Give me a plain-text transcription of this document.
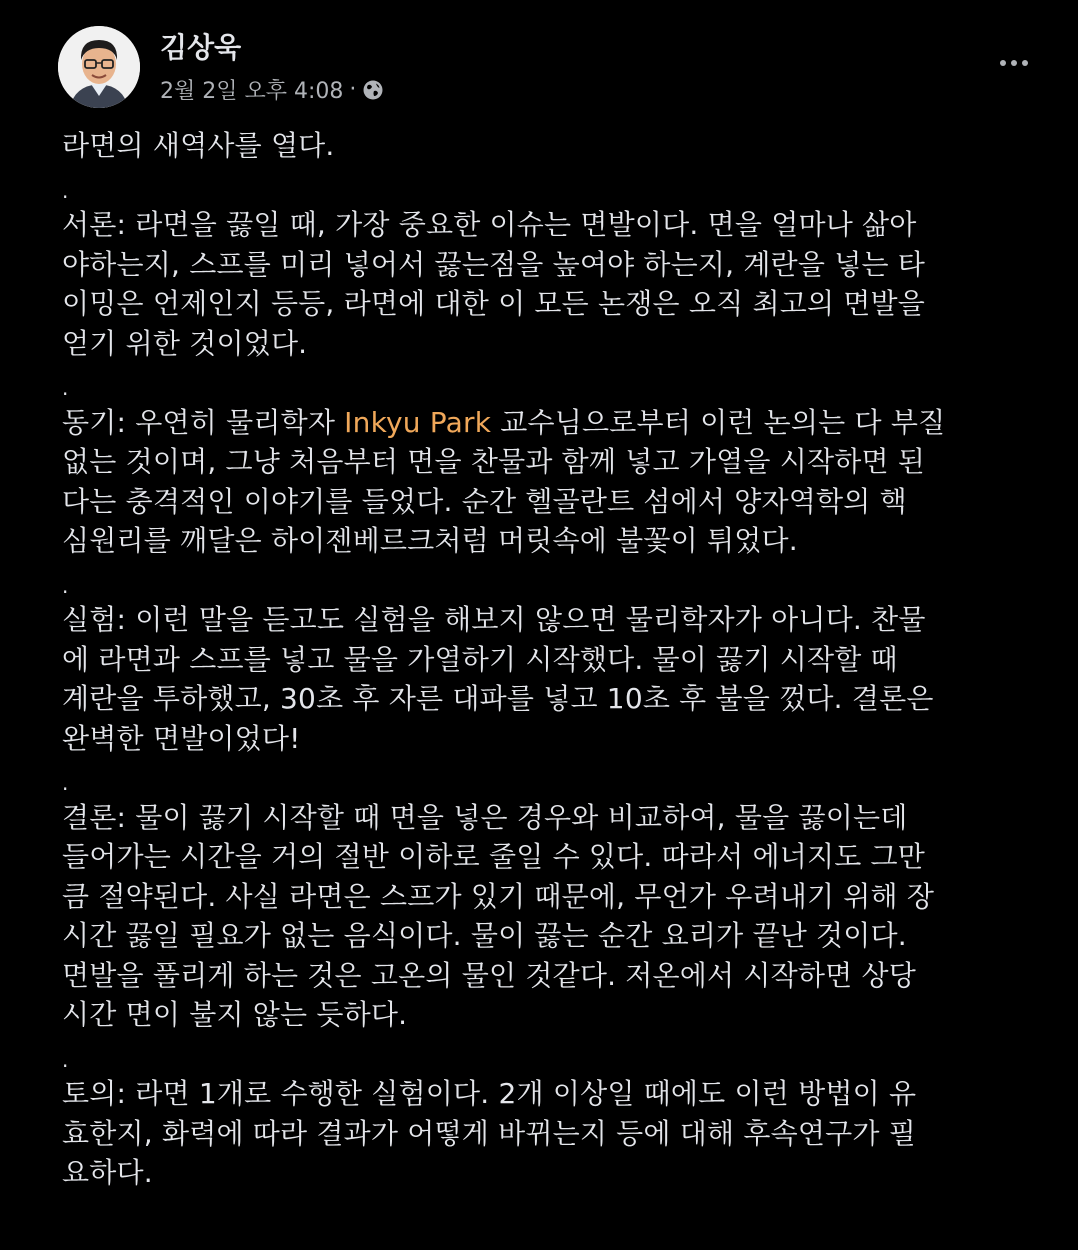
김상욱
2월 2일 오후 4:08 ·

라면의 새역사를 열다.

.

서론: 라면을 끓일 때, 가장 중요한 이슈는 면발이다. 면을 얼마나 삶아

야하는지, 스프를 미리 넣어서 끓는점을 높여야 하는지, 계란을 넣는 타

이밍은 언제인지 등등, 라면에 대한 이 모든 논쟁은 오직 최고의 면발을

얻기 위한 것이었다.

.

동기: 우연히 물리학자 Inkyu Park 교수님으로부터 이런 논의는 다 부질

없는 것이며, 그냥 처음부터 면을 찬물과 함께 넣고 가열을 시작하면 된

다는 충격적인 이야기를 들었다. 순간 헬골란트 섬에서 양자역학의 핵

심원리를 깨달은 하이젠베르크처럼 머릿속에 불꽃이 튀었다.

.

실험: 이런 말을 듣고도 실험을 해보지 않으면 물리학자가 아니다. 찬물

에 라면과 스프를 넣고 물을 가열하기 시작했다. 물이 끓기 시작할 때

계란을 투하했고, 30초 후 자른 대파를 넣고 10초 후 불을 껐다. 결론은

완벽한 면발이었다!

.

결론: 물이 끓기 시작할 때 면을 넣은 경우와 비교하여, 물을 끓이는데

들어가는 시간을 거의 절반 이하로 줄일 수 있다. 따라서 에너지도 그만

큼 절약된다. 사실 라면은 스프가 있기 때문에, 무언가 우려내기 위해 장

시간 끓일 필요가 없는 음식이다. 물이 끓는 순간 요리가 끝난 것이다.

면발을 풀리게 하는 것은 고온의 물인 것같다. 저온에서 시작하면 상당

시간 면이 불지 않는 듯하다.

.

토의: 라면 1개로 수행한 실험이다. 2개 이상일 때에도 이런 방법이 유

효한지, 화력에 따라 결과가 어떻게 바뀌는지 등에 대해 후속연구가 필

요하다.
